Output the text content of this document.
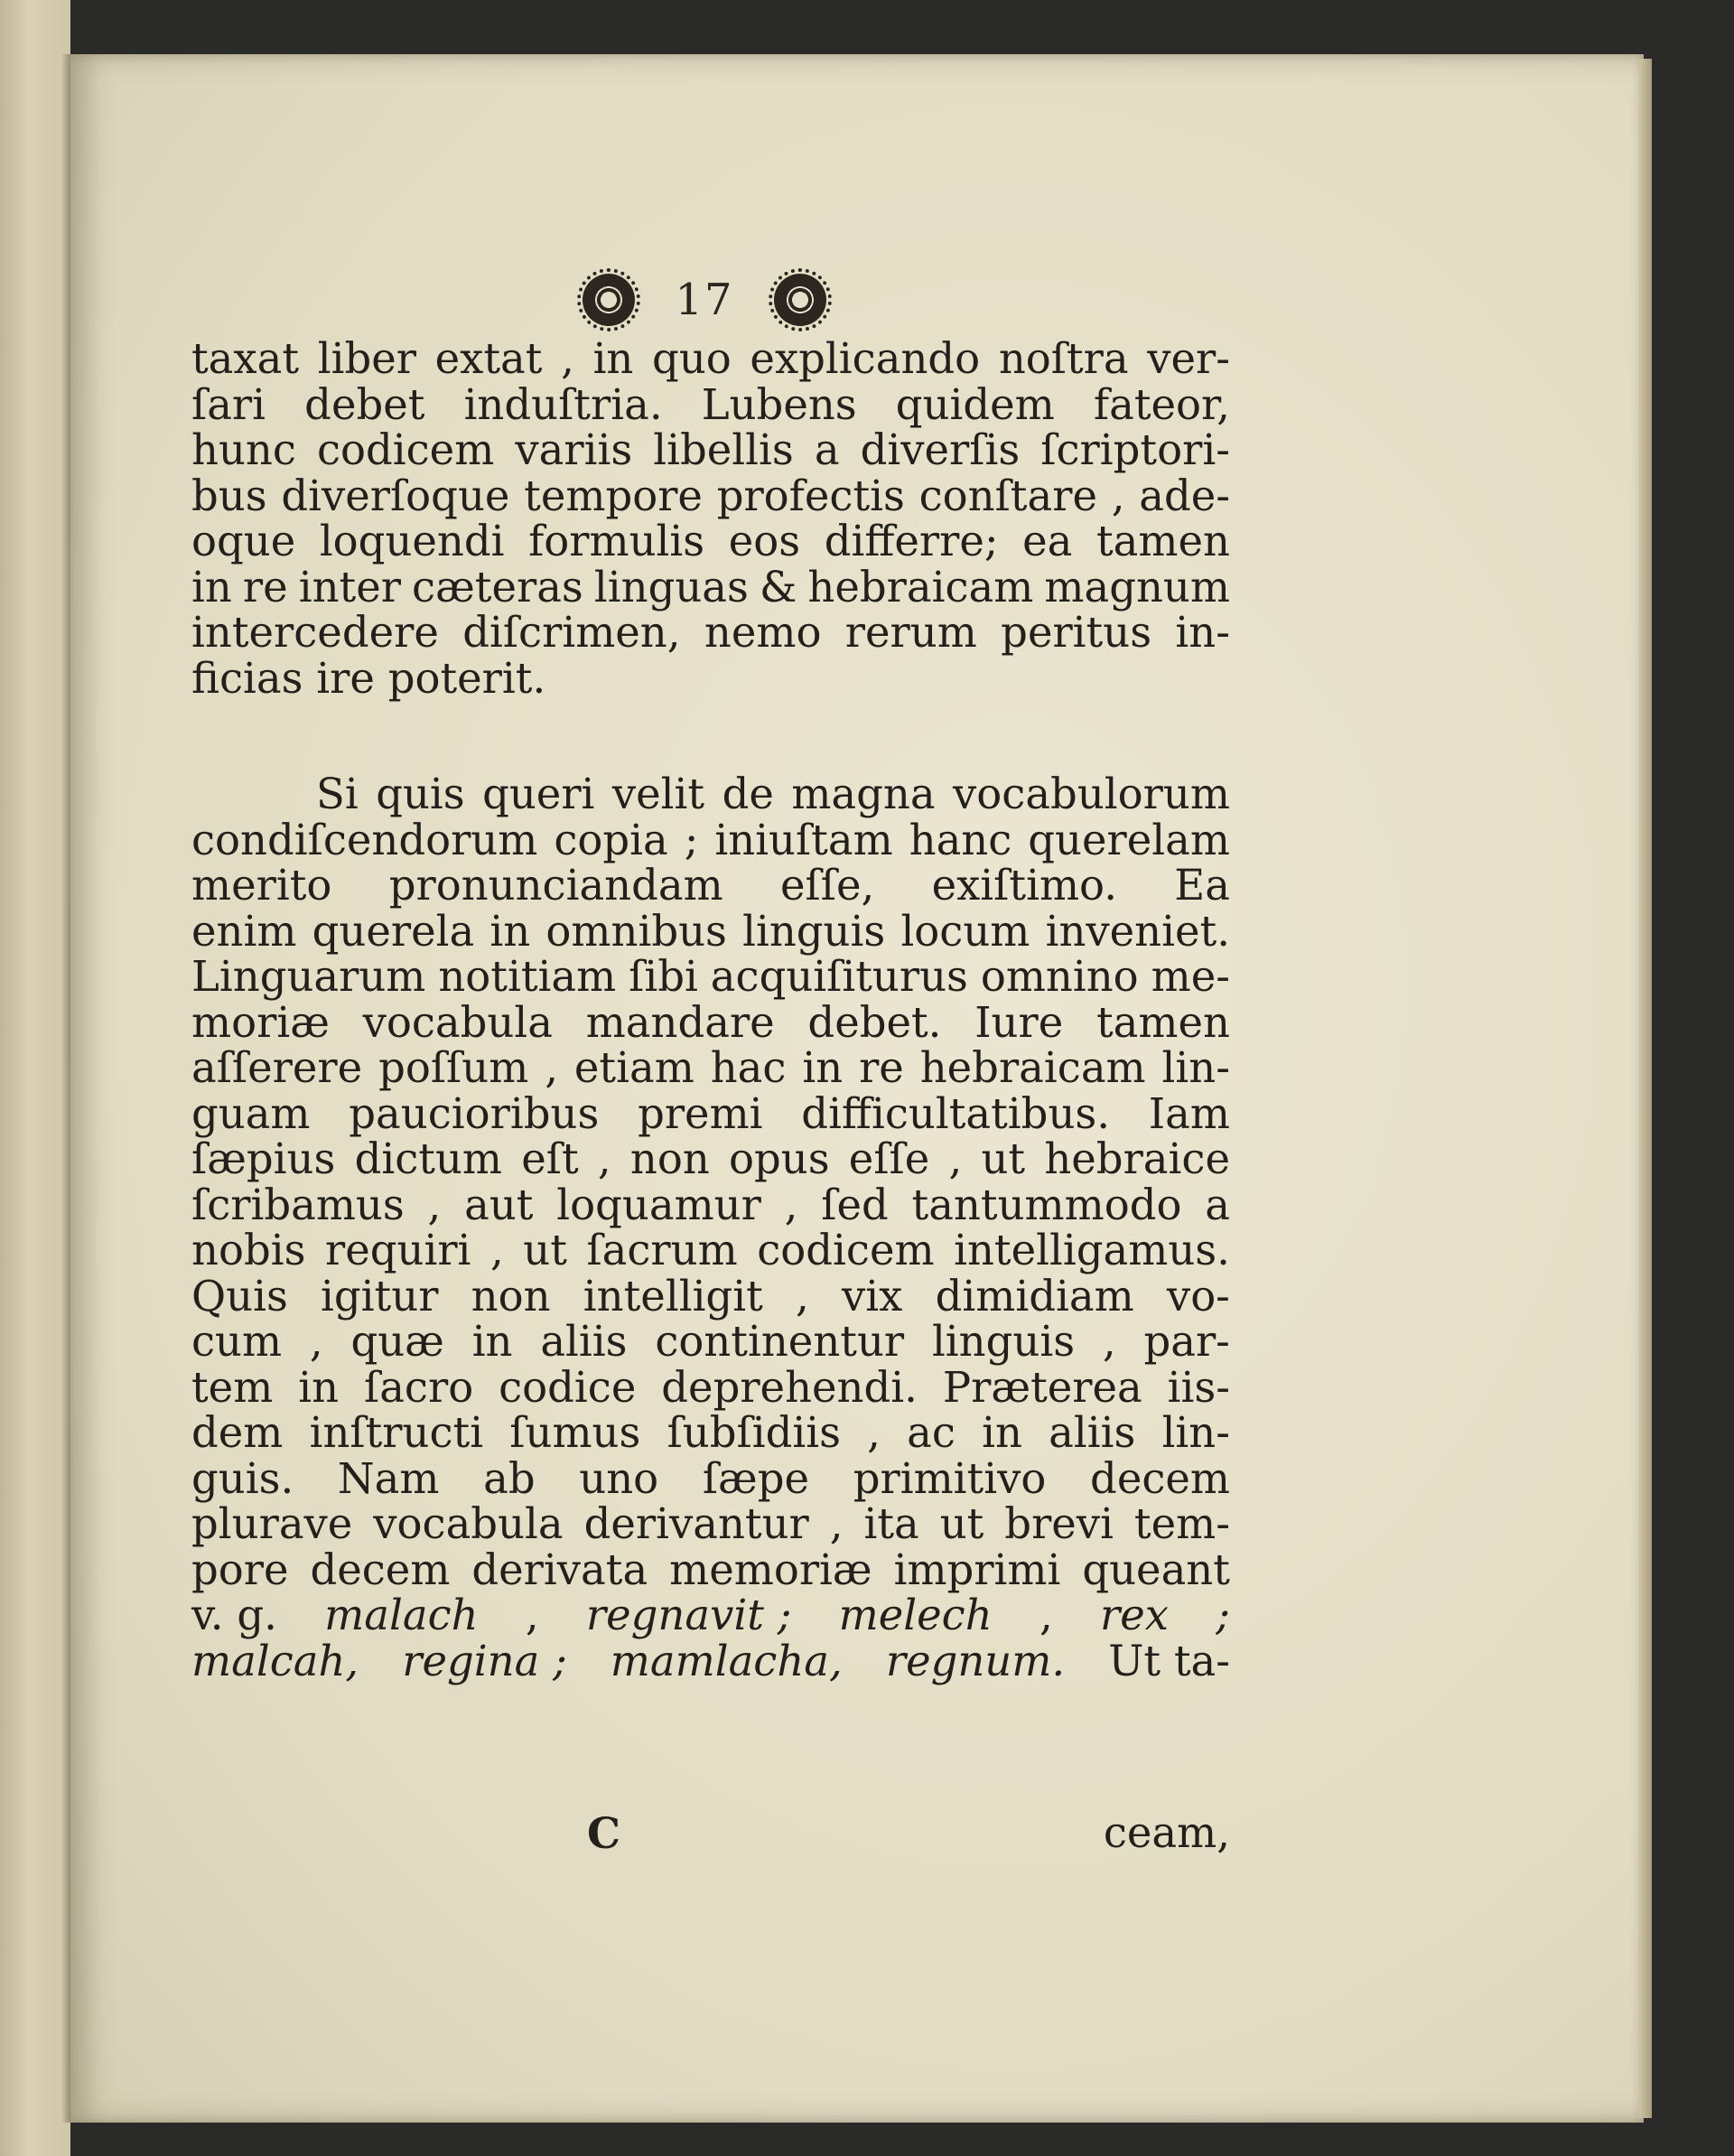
17
taxat liber extat , in quo explicando noſtra ver-
ſari debet induſtria. Lubens quidem fateor,
hunc codicem variis libellis a diverſis ſcriptori-
bus diverſoque tempore profectis conſtare , ade-
oque loquendi formulis eos differre; ea tamen
in re inter cæteras linguas & hebraicam magnum
intercedere diſcrimen, nemo rerum peritus in-
ficias ire poterit.
Si quis queri velit de magna vocabulorum
condiſcendorum copia ; iniuſtam hanc querelam
merito pronunciandam eſſe, exiſtimo. Ea
enim querela in omnibus linguis locum inveniet.
Linguarum notitiam ſibi acquiſiturus omnino me-
moriæ vocabula mandare debet. Iure tamen
aſſerere poſſum , etiam hac in re hebraicam lin-
guam paucioribus premi difficultatibus. Iam
ſæpius dictum eſt , non opus eſſe , ut hebraice
ſcribamus , aut loquamur , ſed tantummodo a
nobis requiri , ut ſacrum codicem intelligamus.
Quis igitur non intelligit , vix dimidiam vo-
cum , quæ in aliis continentur linguis , par-
tem in ſacro codice deprehendi. Præterea iis-
dem inſtructi ſumus ſubſidiis , ac in aliis lin-
guis. Nam ab uno ſæpe primitivo decem
plurave vocabula derivantur , ita ut brevi tem-
pore decem derivata memoriæ imprimi queant
v. g. malach , regnavit ; melech , rex ;
malcah, regina ; mamlacha, regnum. Ut ta-
C	ceam,
